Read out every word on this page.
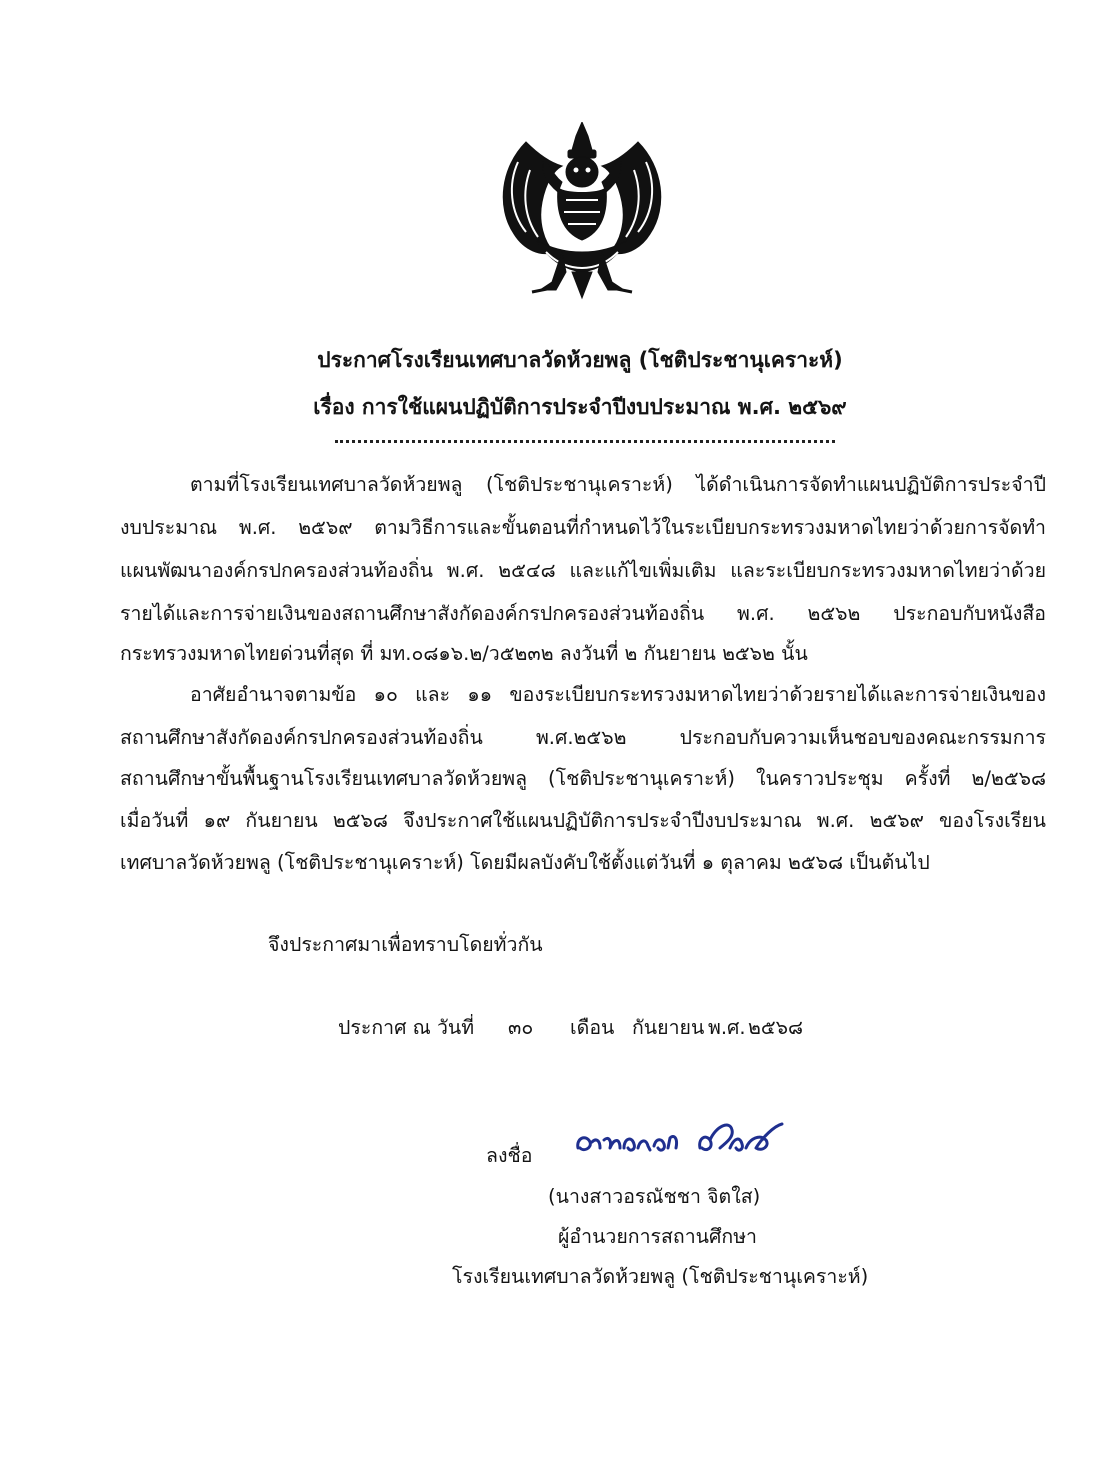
ประกาศโรงเรียนเทศบาลวัดห้วยพลู (โชติประชานุเคราะห์)
เรื่อง การใช้แผนปฏิบัติการประจำปีงบประมาณ พ.ศ. ๒๕๖๙
ตามที่โรงเรียนเทศบาลวัดห้วยพลู (โชติประชานุเคราะห์) ได้ดำเนินการจัดทำแผนปฏิบัติการประจำปี
งบประมาณ พ.ศ. ๒๕๖๙ ตามวิธีการและขั้นตอนที่กำหนดไว้ในระเบียบกระทรวงมหาดไทยว่าด้วยการจัดทำ
แผนพัฒนาองค์กรปกครองส่วนท้องถิ่น พ.ศ. ๒๕๔๘ และแก้ไขเพิ่มเติม และระเบียบกระทรวงมหาดไทยว่าด้วย
รายได้และการจ่ายเงินของสถานศึกษาสังกัดองค์กรปกครองส่วนท้องถิ่น พ.ศ. ๒๕๖๒ ประกอบกับหนังสือ
กระทรวงมหาดไทยด่วนที่สุด ที่ มท.๐๘๑๖.๒/ว๕๒๓๒ ลงวันที่ ๒ กันยายน ๒๕๖๒ นั้น
อาศัยอำนาจตามข้อ ๑๐ และ ๑๑ ของระเบียบกระทรวงมหาดไทยว่าด้วยรายได้และการจ่ายเงินของ
สถานศึกษาสังกัดองค์กรปกครองส่วนท้องถิ่น พ.ศ.๒๕๖๒ ประกอบกับความเห็นชอบของคณะกรรมการ
สถานศึกษาขั้นพื้นฐานโรงเรียนเทศบาลวัดห้วยพลู (โชติประชานุเคราะห์) ในคราวประชุม ครั้งที่ ๒/๒๕๖๘
เมื่อวันที่ ๑๙ กันยายน ๒๕๖๘ จึงประกาศใช้แผนปฏิบัติการประจำปีงบประมาณ พ.ศ. ๒๕๖๙ ของโรงเรียน
เทศบาลวัดห้วยพลู (โชติประชานุเคราะห์) โดยมีผลบังคับใช้ตั้งแต่วันที่ ๑ ตุลาคม ๒๕๖๘ เป็นต้นไป
จึงประกาศมาเพื่อทราบโดยทั่วกัน
ประกาศ ณ วันที่ ๓๐ เดือน กันยายน พ.ศ. ๒๕๖๘
ลงชื่อ
(นางสาวอรณัชชา จิตใส)
ผู้อำนวยการสถานศึกษา
โรงเรียนเทศบาลวัดห้วยพลู (โชติประชานุเคราะห์)
